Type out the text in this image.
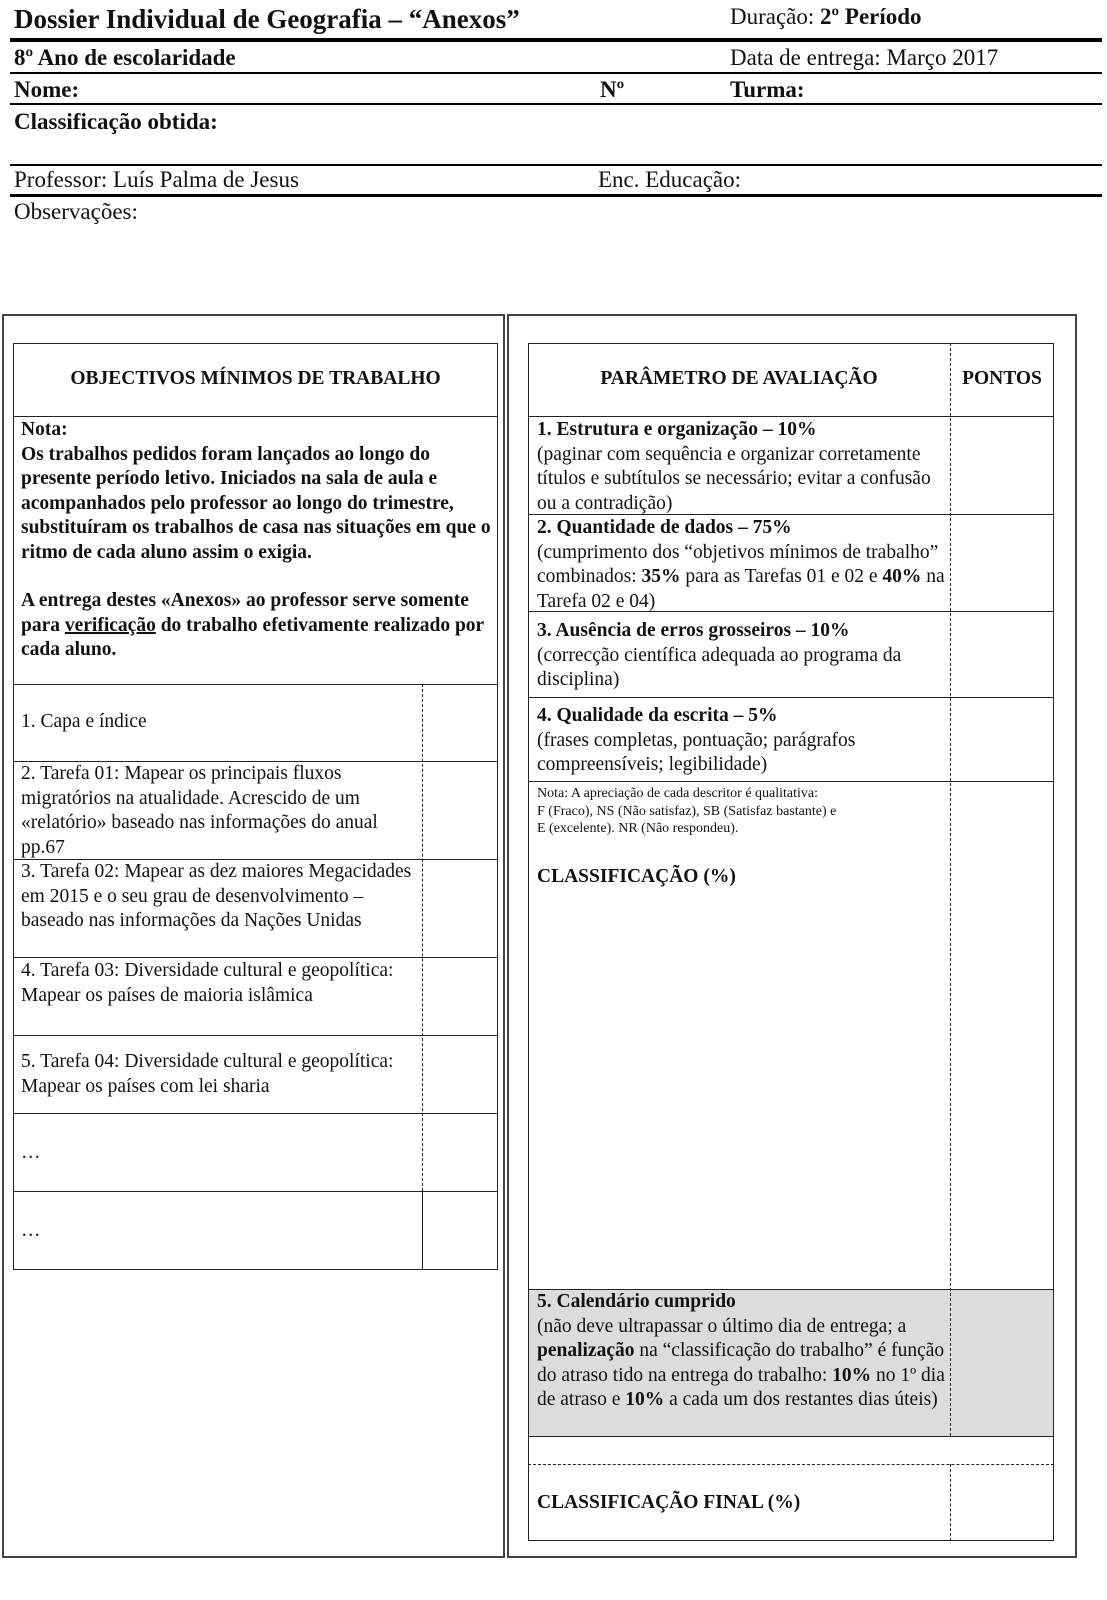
Dossier Individual de Geografia – “Anexos”	Duração: 2º Período
8º Ano de escolaridade	Data de entrega: Março 2017
Nome:	Nº	Turma:
Classificação obtida:
Professor: Luís Palma de Jesus	Enc. Educação:
Observações:
OBJECTIVOS MÍNIMOS DE TRABALHO
Nota:
Os trabalhos pedidos foram lançados ao longo do presente período letivo. Iniciados na sala de aula e acompanhados pelo professor ao longo do trimestre, substituíram os trabalhos de casa nas situações em que o ritmo de cada aluno assim o exigia.
A entrega destes «Anexos» ao professor serve somente para verificação do trabalho efetivamente realizado por cada aluno.
1. Capa e índice
2. Tarefa 01: Mapear os principais fluxos migratórios na atualidade. Acrescido de um «relatório» baseado nas informações do anual pp.67
3. Tarefa 02: Mapear as dez maiores Megacidades em 2015 e o seu grau de desenvolvimento – baseado nas informações da Nações Unidas
4. Tarefa 03: Diversidade cultural e geopolítica: Mapear os países de maioria islâmica
5. Tarefa 04: Diversidade cultural e geopolítica: Mapear os países com lei sharia
…
…
PARÂMETRO DE AVALIAÇÃO	PONTOS
1. Estrutura e organização – 10%
(paginar com sequência e organizar corretamente títulos e subtítulos se necessário; evitar a confusão ou a contradição)
2. Quantidade de dados – 75%
(cumprimento dos “objetivos mínimos de trabalho” combinados: 35% para as Tarefas 01 e 02 e 40% na Tarefa 02 e 04)
3. Ausência de erros grosseiros – 10%
(correcção científica adequada ao programa da disciplina)
4. Qualidade da escrita – 5%
(frases completas, pontuação; parágrafos compreensíveis; legibilidade)
Nota: A apreciação de cada descritor é qualitativa:
F (Fraco), NS (Não satisfaz), SB (Satisfaz bastante) e
E (excelente). NR (Não respondeu).
CLASSIFICAÇÃO (%)
5. Calendário cumprido
(não deve ultrapassar o último dia de entrega; a penalização na “classificação do trabalho” é função do atraso tido na entrega do trabalho: 10% no 1º dia de atraso e 10% a cada um dos restantes dias úteis)
CLASSIFICAÇÃO FINAL (%)
